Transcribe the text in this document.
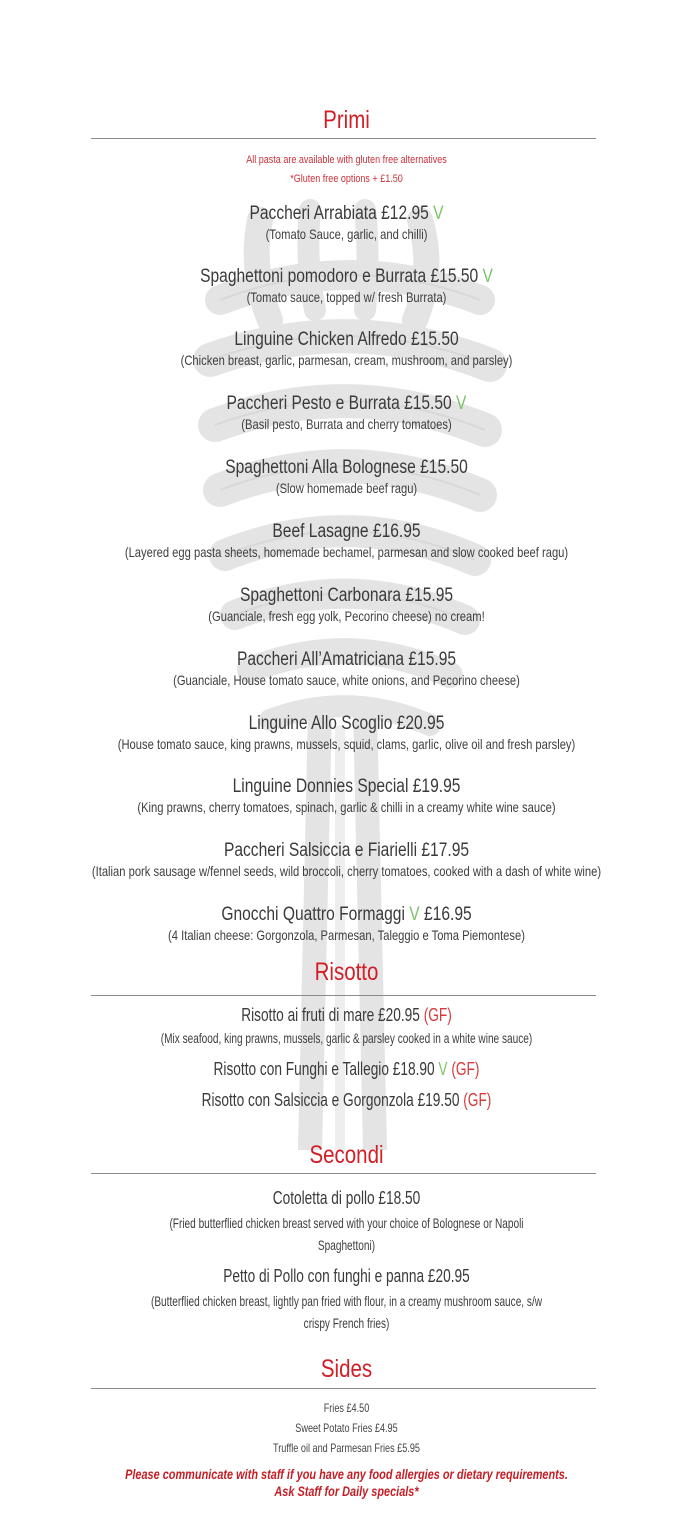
Primi
All pasta are available with gluten free alternatives
*Gluten free options + £1.50
Paccheri Arrabiata £12.95 V
(Tomato Sauce, garlic, and chilli)
Spaghettoni pomodoro e Burrata £15.50 V
(Tomato sauce, topped w/ fresh Burrata)
Linguine Chicken Alfredo £15.50
(Chicken breast, garlic, parmesan, cream, mushroom, and parsley)
Paccheri Pesto e Burrata £15.50 V
(Basil pesto, Burrata and cherry tomatoes)
Spaghettoni Alla Bolognese £15.50
(Slow homemade beef ragu)
Beef Lasagne £16.95
(Layered egg pasta sheets, homemade bechamel, parmesan and slow cooked beef ragu)
Spaghettoni Carbonara £15.95
(Guanciale, fresh egg yolk, Pecorino cheese) no cream!
Paccheri All’Amatriciana £15.95
(Guanciale, House tomato sauce, white onions, and Pecorino cheese)
Linguine Allo Scoglio £20.95
(House tomato sauce, king prawns, mussels, squid, clams, garlic, olive oil and fresh parsley)
Linguine Donnies Special £19.95
(King prawns, cherry tomatoes, spinach, garlic & chilli in a creamy white wine sauce)
Paccheri Salsiccia e Fiarielli £17.95
(Italian pork sausage w/fennel seeds, wild broccoli, cherry tomatoes, cooked with a dash of white wine)
Gnocchi Quattro Formaggi V £16.95
(4 Italian cheese: Gorgonzola, Parmesan, Taleggio e Toma Piemontese)
Risotto
Risotto ai fruti di mare £20.95 (GF)
(Mix seafood, king prawns, mussels, garlic & parsley cooked in a white wine sauce)
Risotto con Funghi e Tallegio £18.90 V (GF)
Risotto con Salsiccia e Gorgonzola £19.50 (GF)
Secondi
Cotoletta di pollo £18.50
(Fried butterflied chicken breast served with your choice of Bolognese or Napoli
Spaghettoni)
Petto di Pollo con funghi e panna £20.95
(Butterflied chicken breast, lightly pan fried with flour, in a creamy mushroom sauce, s/w
crispy French fries)
Sides
Fries £4.50
Sweet Potato Fries £4.95
Truffle oil and Parmesan Fries £5.95
Please communicate with staff if you have any food allergies or dietary requirements.
Ask Staff for Daily specials*
